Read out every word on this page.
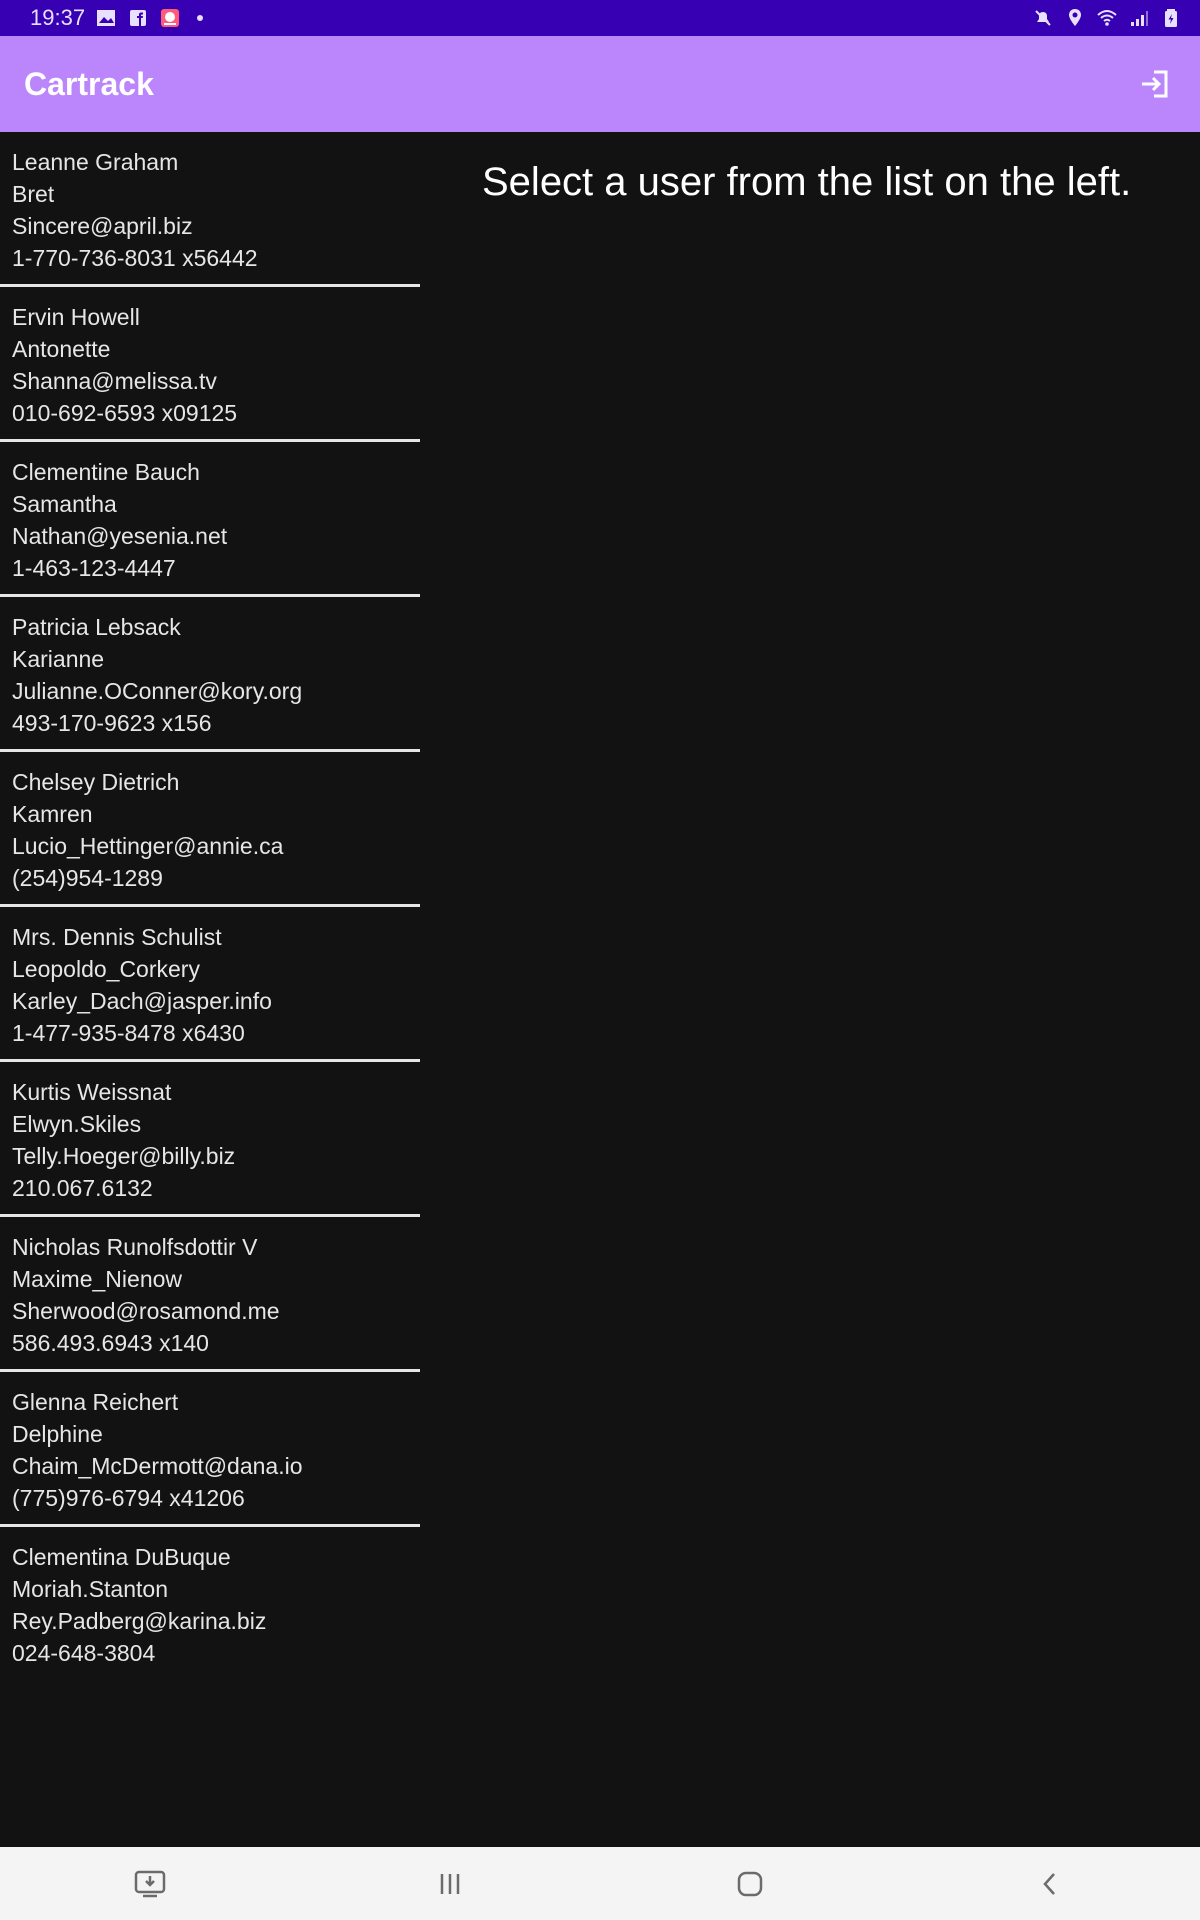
19:37
Cartrack
Leanne Graham
Bret
Sincere@april.biz
1-770-736-8031 x56442
Ervin Howell
Antonette
Shanna@melissa.tv
010-692-6593 x09125
Clementine Bauch
Samantha
Nathan@yesenia.net
1-463-123-4447
Patricia Lebsack
Karianne
Julianne.OConner@kory.org
493-170-9623 x156
Chelsey Dietrich
Kamren
Lucio_Hettinger@annie.ca
(254)954-1289
Mrs. Dennis Schulist
Leopoldo_Corkery
Karley_Dach@jasper.info
1-477-935-8478 x6430
Kurtis Weissnat
Elwyn.Skiles
Telly.Hoeger@billy.biz
210.067.6132
Nicholas Runolfsdottir V
Maxime_Nienow
Sherwood@rosamond.me
586.493.6943 x140
Glenna Reichert
Delphine
Chaim_McDermott@dana.io
(775)976-6794 x41206
Clementina DuBuque
Moriah.Stanton
Rey.Padberg@karina.biz
024-648-3804
Select a user from the list on the left.
